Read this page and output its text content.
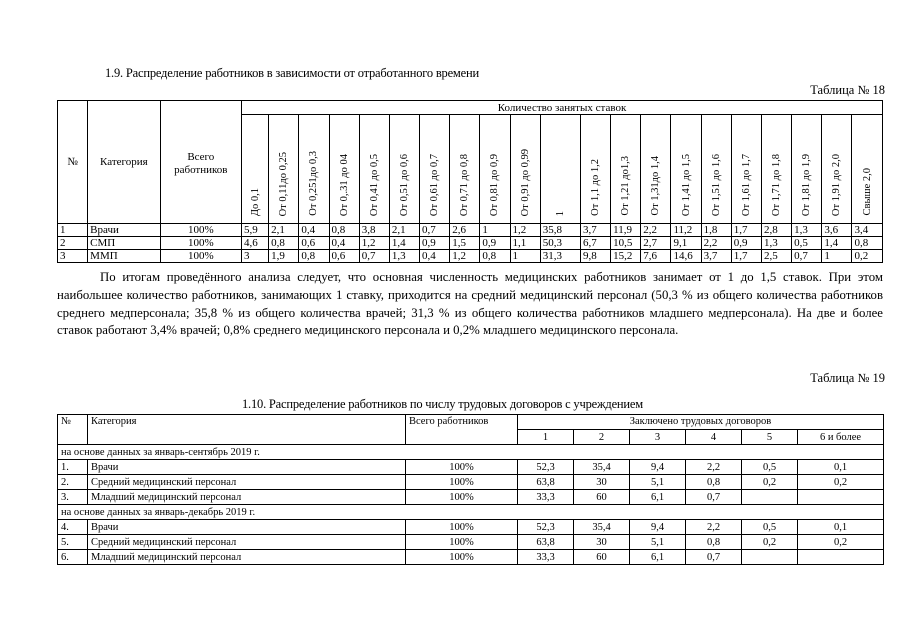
1.9. Распределение работников в зависимости от отработанного времени
Таблица № 18
№	Категория		Количество занятых ставок																				
		Всего работников	До 0,1	От 0,11до 0,25	От 0,251до 0,3	От 0,.31 до 04	От 0,41 до 0,5	От 0,51 до 0,6	От 0,61 до 0,7	От 0,71 до 0,8	От 0,81 до 0,9	От 0,91 до 0,99	1	От 1,1 до 1,2	От 1,21 до1,3	От 1,31до 1,4	От 1,41 до 1,5	От 1,51 до 1,6	От 1,61 до 1,7	От 1,71 до 1,8	От 1,81 до 1,9	От 1,91 до 2,0	Свыше 2,0
1	Врачи	100%	5,9	2,1	0,4	0,8	3,8	2,1	0,7	2,6	1	1,2	35,8	3,7	11,9	2,2	11,2	1,8	1,7	2,8	1,3	3,6	3,4
2	СМП	100%	4,6	0,8	0,6	0,4	1,2	1,4	0,9	1,5	0,9	1,1	50,3	6,7	10,5	2,7	9,1	2,2	0,9	1,3	0,5	1,4	0,8
3	ММП	100%	3	1,9	0,8	0,6	0,7	1,3	0,4	1,2	0,8	1	31,3	9,8	15,2	7,6	14,6	3,7	1,7	2,5	0,7	1	0,2
По итогам проведённого анализа следует, что основная численность медицинских работников занимает от 1 до 1,5 ставок. При этом наибольшее количество работников, занимающих 1 ставку, приходится на средний медицинский персонал (50,3 % из общего количества работников среднего медперсонала; 35,8 % из общего количества врачей; 31,3 % из общего количества работников младшего медперсонала). На две и более ставок работают 3,4% врачей; 0,8% среднего медицинского персонала и 0,2% младшего медицинского персонала.
Таблица № 19
1.10. Распределение работников по числу трудовых договоров с учреждением
№	Категория	Всего работников	Заключено трудовых договоров					
			1	2	3	4	5	6 и более
на основе данных за январь-сентябрь 2019 г.								
1.	Врачи	100%	52,3	35,4	9,4	2,2	0,5	0,1
2.	Средний медицинский персонал	100%	63,8	30	5,1	0,8	0,2	0,2
3.	Младший медицинский персонал	100%	33,3	60	6,1	0,7		
на основе данных за январь-декабрь 2019 г.								
4.	Врачи	100%	52,3	35,4	9,4	2,2	0,5	0,1
5.	Средний медицинский персонал	100%	63,8	30	5,1	0,8	0,2	0,2
6.	Младший медицинский персонал	100%	33,3	60	6,1	0,7		
